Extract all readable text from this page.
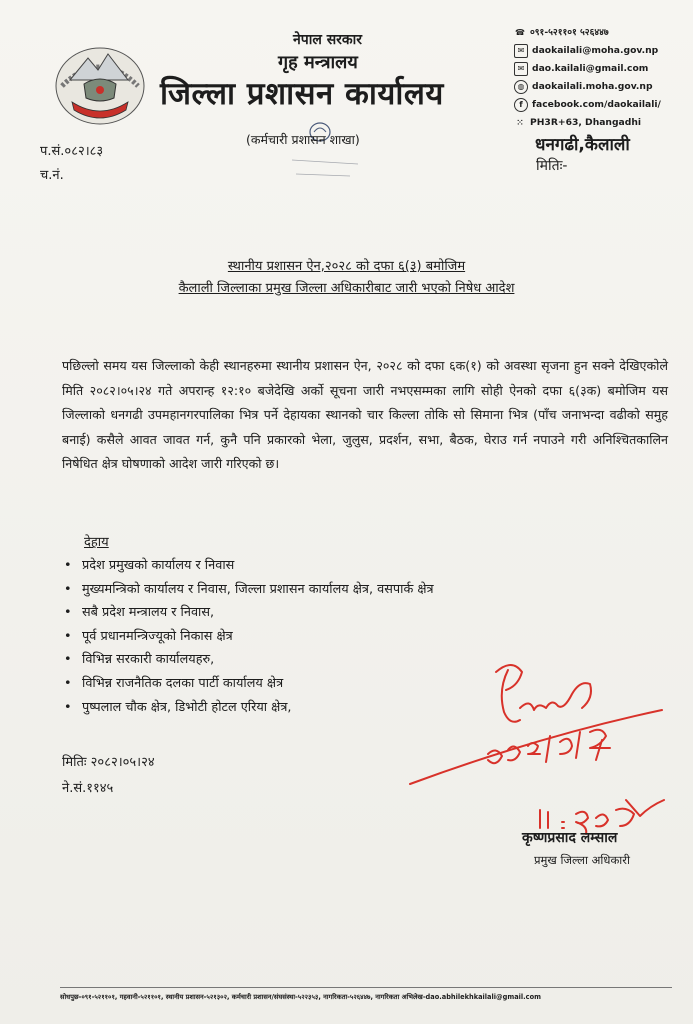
नेपाल सरकार
गृह मन्त्रालय
जिल्ला प्रशासन कार्यालय
☎ ०९१-५२११०१ ५२६४४७
✉ daokailali@moha.gov.np
✉ dao.kailali@gmail.com
◍ daokailali.moha.gov.np
f	facebook.com/daokailali/
⁙ PH3R+63, Dhangadhi
धनगढी,कैलाली
मितिः-
प.सं.०८२।८३
च.नं.
(कर्मचारी प्रशासन शाखा)
स्थानीय प्रशासन ऐन,२०२८ को दफा ६(३) बमोजिम
कैलाली जिल्लाका प्रमुख जिल्ला अधिकारीबाट जारी भएको निषेध आदेश
पछिल्लो समय यस जिल्लाको केही स्थानहरुमा स्थानीय प्रशासन ऐन, २०२८ को दफा ६क(१) को अवस्था सृजना हुन सक्ने देखिएकोले मिति २०८२।०५।२४ गते अपरान्ह १२:१० बजेदेखि अर्को सूचना जारी नभएसम्मका लागि सोही ऐनको दफा ६(३क) बमोजिम यस जिल्लाको धनगढी उपमहानगरपालिका भित्र पर्ने देहायका स्थानको चार किल्ला तोकि सो सिमाना भित्र (पाँच जनाभन्दा वढीको समुह बनाई) कसैले आवत जावत गर्न, कुनै पनि प्रकारको भेला, जुलुस, प्रदर्शन, सभा, बैठक, घेराउ गर्न नपाउने गरी अनिश्चितकालिन निषेधित क्षेत्र घोषणाको आदेश जारी गरिएको छ।
देहाय
• प्रदेश प्रमुखको कार्यालय र निवास
• मुख्यमन्त्रिको कार्यालय र निवास, जिल्ला प्रशासन कार्यालय क्षेत्र, वसपार्क क्षेत्र
• सबै प्रदेश मन्त्रालय र निवास,
• पूर्व प्रधानमन्त्रिज्यूको निकास क्षेत्र
• विभिन्न सरकारी कार्यालयहरु,
• विभिन्न राजनैतिक दलका पार्टी कार्यालय क्षेत्र
• पुष्पलाल चौक क्षेत्र, डिभोटी होटल एरिया क्षेत्र,
मितिः २०८२।०५।२४
ने.सं.११४५
कृष्णप्रसाद लम्साल
प्रमुख जिल्ला अधिकारी
सोधपुछ-०९१-५२११०१, गहवानी-५२११०१, स्थानीय प्रशासन-५२१३०२, कर्मचारी प्रशासन/संघसंस्था-५२२३५३, नागरिकता-५२६४४७, नागरिकता अभिलेख-dao.abhilekhkailali@gmail.com
